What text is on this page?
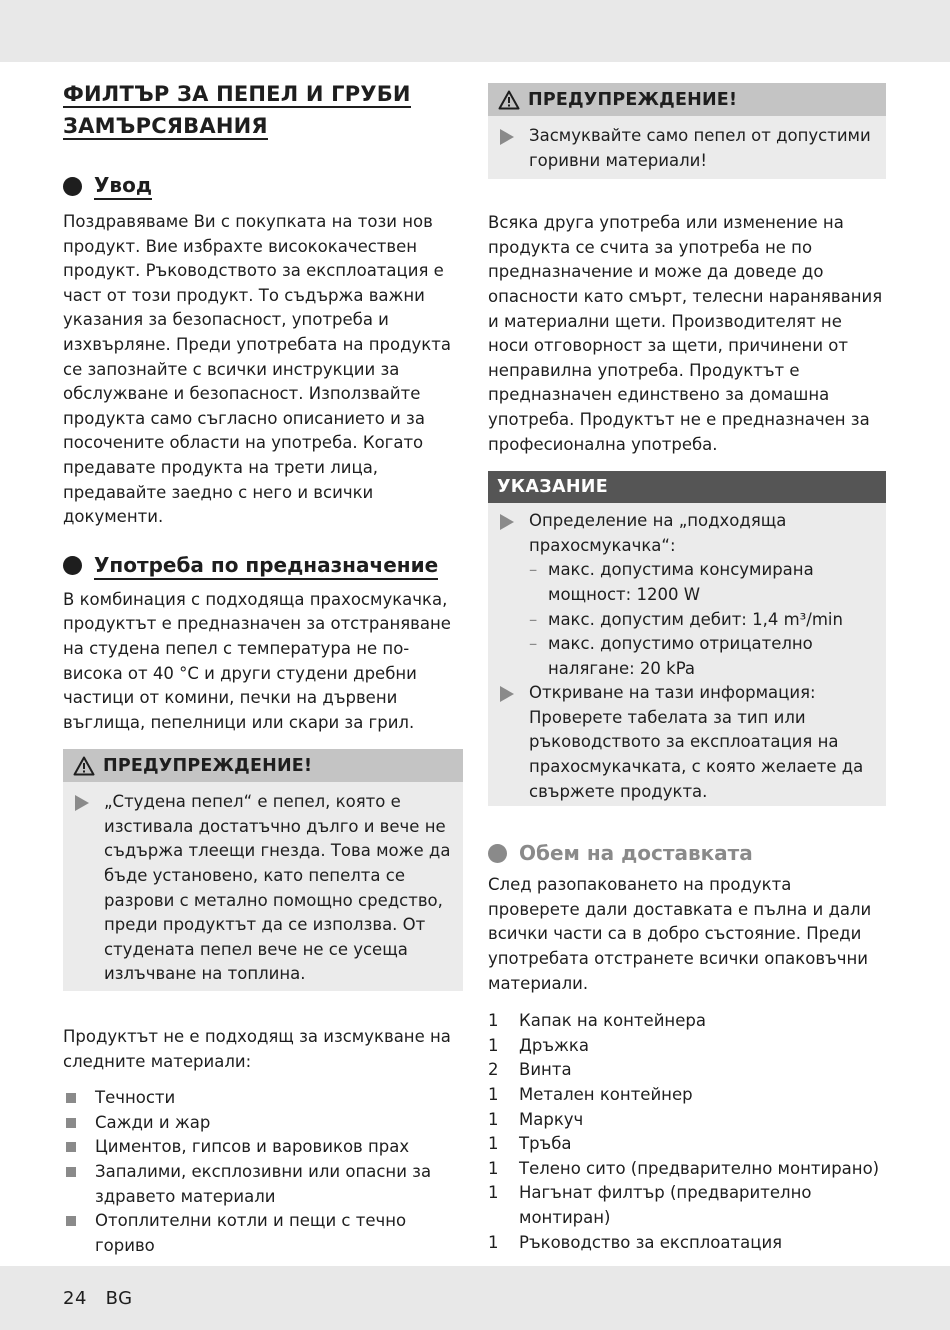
ФИЛТЪР ЗА ПЕПЕЛ И ГРУБИ
ЗАМЪРСЯВАНИЯ
Увод

Поздравяваме Ви с покупката на този нов продукт. Вие избрахте висококачествен продукт. Ръководството за експлоатация е част от този продукт. То съдържа важни указания за безопасност, употреба и изхвърляне. Преди употребата на продукта се запознайте с всички инструкции за обслужване и безопасност. Използвайте продукта само съгласно описанието и за посочените области на употреба. Когато предавате продукта на трети лица, предавайте заедно с него и всички документи.

Употреба по предназначение

В комбинация с подходяща прахосмукачка, продуктът е предназначен за отстраняване на студена пепел с температура не по-висока от 40 °C и други студени дребни частици от комини, печки на дървени въглища, пепелници или скари за грил.

ПРЕДУПРЕЖДЕНИЕ!

„Студена пепел“ е пепел, която е изстивала достатъчно дълго и вече не съдържа тлеещи гнезда. Това може да бъде установено, като пепелта се разрови с метално помощно средство, преди продуктът да се използва. От студената пепел вече не се усеща излъчване на топлина.

Продуктът не е подходящ за изсмукване на следните материали:

Течности
Сажди и жар
Циментов, гипсов и варовиков прах
Запалими, експлозивни или опасни за здравето материали
Отоплителни котли и пещи с течно гориво
ПРЕДУПРЕЖДЕНИЕ!

Засмуквайте само пепел от допустими горивни материали!

Всяка друга употреба или изменение на продукта се счита за употреба не по предназначение и може да доведе до опасности като смърт, телесни наранявания и материални щети. Производителят не носи отговорност за щети, причинени от неправилна употреба. Продуктът е предназначен единствено за домашна употреба. Продуктът не е предназначен за професионална употреба.

УКАЗАНИЕ

Определение на „подходяща прахосмукачка“:

– макс. допустима консумирана мощност: 1200 W

– макс. допустим дебит: 1,4 m³/min

– макс. допустимо отрицателно налягане: 20 kPa

Откриване на тази информация: Проверете табелата за тип или ръководството за експлоатация на прахосмукачката, с която желаете да свържете продукта.

Обем на доставката

След разопаковането на продукта проверете дали доставката е пълна и дали всички части са в добро състояние. Преди употребата отстранете всички опаковъчни материали.

1	Капак на контейнера
1	Дръжка
2	Винта
1	Метален контейнер
1	Маркуч
1	Тръба
1	Телено сито (предварително монтирано)
1	Нагънат филтър (предварително монтиран)
1	Ръководство за експлоатация
24 BG
